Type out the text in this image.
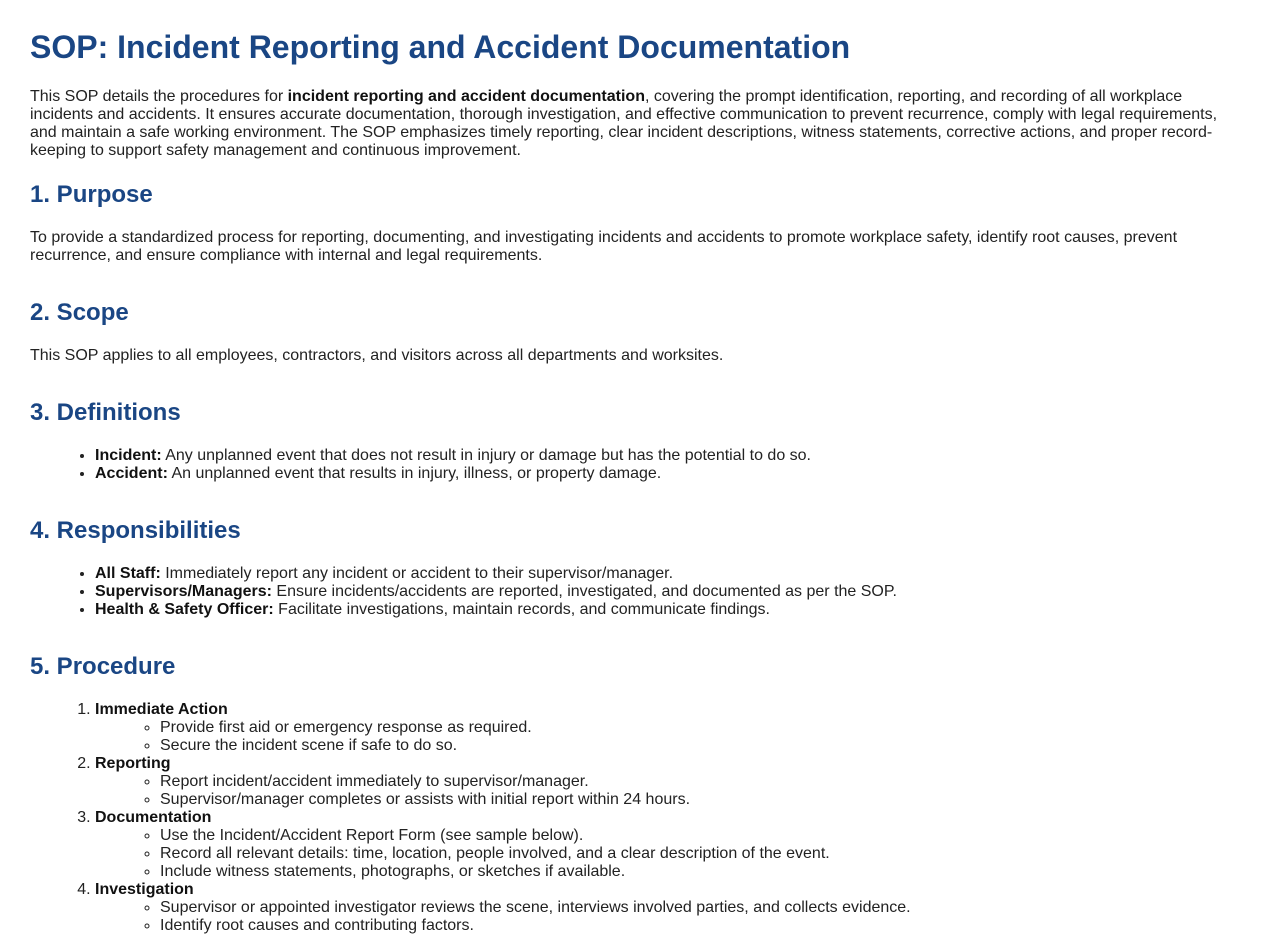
SOP: Incident Reporting and Accident Documentation

This SOP details the procedures for incident reporting and accident documentation, covering the prompt identification, reporting, and recording of all workplace incidents and accidents. It ensures accurate documentation, thorough investigation, and effective communication to prevent recurrence, comply with legal requirements, and maintain a safe working environment. The SOP emphasizes timely reporting, clear incident descriptions, witness statements, corrective actions, and proper record-keeping to support safety management and continuous improvement.

1. Purpose

To provide a standardized process for reporting, documenting, and investigating incidents and accidents to promote workplace safety, identify root causes, prevent recurrence, and ensure compliance with internal and legal requirements.

2. Scope

This SOP applies to all employees, contractors, and visitors across all departments and worksites.

3. Definitions
• Incident: Any unplanned event that does not result in injury or damage but has the potential to do so.
• Accident: An unplanned event that results in injury, illness, or property damage.
4. Responsibilities
• All Staff: Immediately report any incident or accident to their supervisor/manager.
• Supervisors/Managers: Ensure incidents/accidents are reported, investigated, and documented as per the SOP.
• Health & Safety Officer: Facilitate investigations, maintain records, and communicate findings.
5. Procedure
1. Immediate Action
◦ Provide first aid or emergency response as required.
◦ Secure the incident scene if safe to do so.
2. Reporting
◦ Report incident/accident immediately to supervisor/manager.
◦ Supervisor/manager completes or assists with initial report within 24 hours.
3. Documentation
◦ Use the Incident/Accident Report Form (see sample below).
◦ Record all relevant details: time, location, people involved, and a clear description of the event.
◦ Include witness statements, photographs, or sketches if available.
4. Investigation
◦ Supervisor or appointed investigator reviews the scene, interviews involved parties, and collects evidence.
◦ Identify root causes and contributing factors.
